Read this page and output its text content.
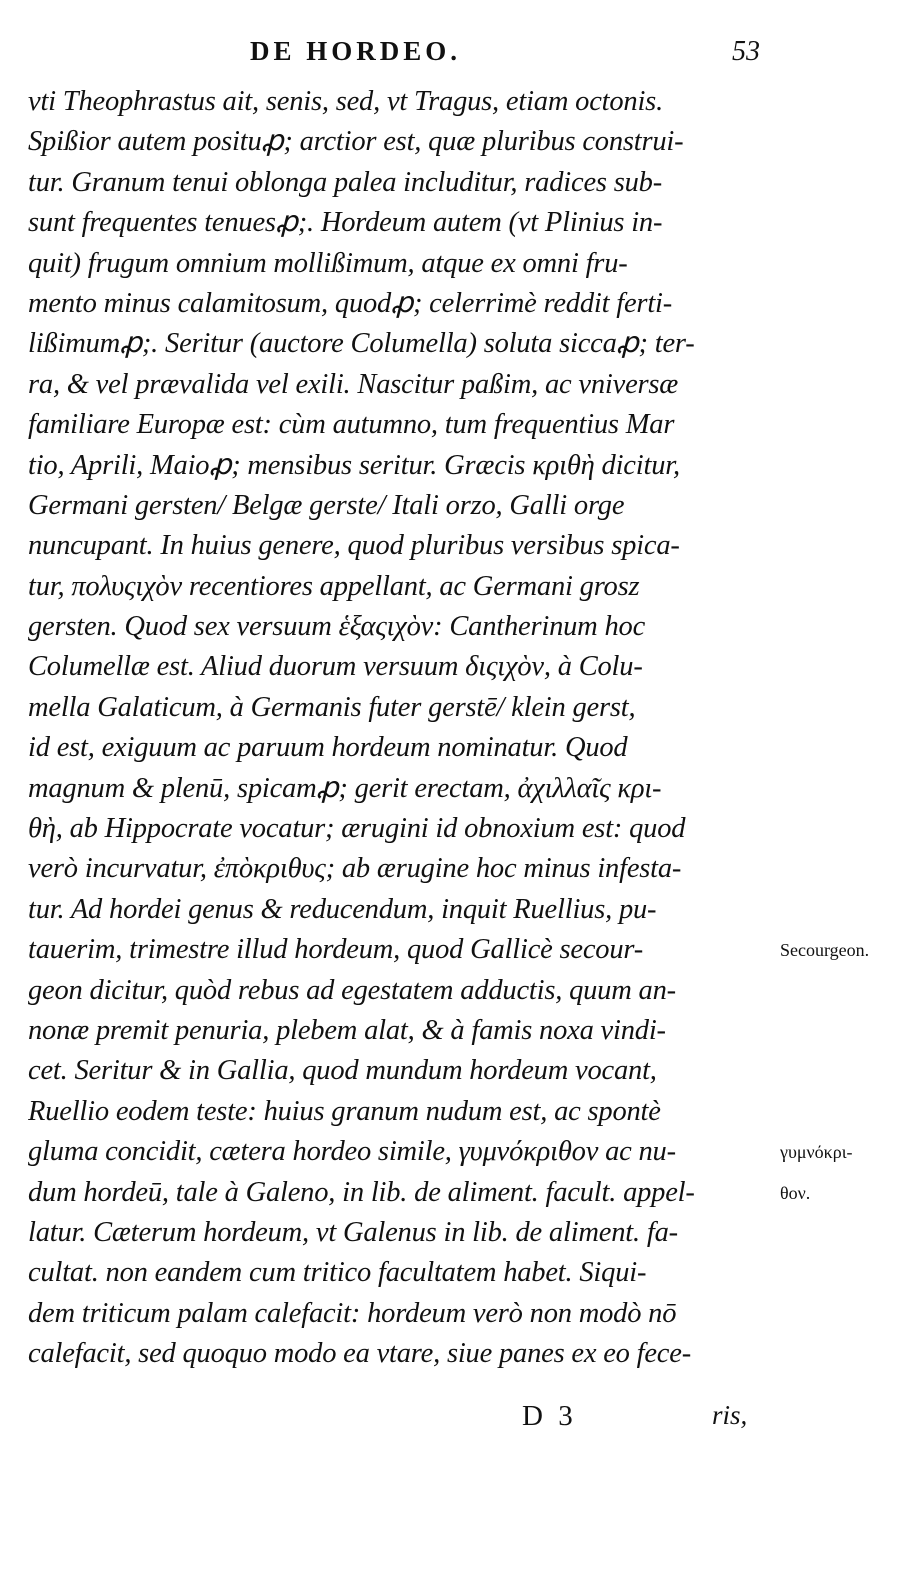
DE HORDEO.	53
vti Theophrastus ait, senis, sed, vt Tragus, etiam octonis.
Spißior autem posituꝓ; arctior est, quæ pluribus construi-
tur. Granum tenui oblonga palea includitur, radices sub-
sunt frequentes tenuesꝓ;. Hordeum autem (vt Plinius in-
quit) frugum omnium mollißimum, atque ex omni fru-
mento minus calamitosum, quodꝓ; celerrimè reddit ferti-
lißimumꝓ;. Seritur (auctore Columella) soluta siccaꝓ; ter-
ra, & vel prævalida vel exili. Nascitur paßim, ac vniversæ
familiare Europæ est: cùm autumno, tum frequentius Mar
tio, Aprili, Maioꝓ; mensibus seritur. Græcis κριθὴ dicitur,
Germani gersten/ Belgæ gerste/ Itali orzo, Galli orge
nuncupant. In huius genere, quod pluribus versibus spica-
tur, πολυςιχὸν recentiores appellant, ac Germani grosz
gersten. Quod sex versuum ἑξαςιχὸν: Cantherinum hoc
Columellæ est. Aliud duorum versuum διςιχὸν, à Colu-
mella Galaticum, à Germanis futer gerstē/ klein gerst,
id est, exiguum ac paruum hordeum nominatur. Quod
magnum & plenū, spicamꝓ; gerit erectam, ἀχιλλαῖς κρι-
θὴ, ab Hippocrate vocatur; ærugini id obnoxium est: quod
verò incurvatur, ἐπὸκριθυς; ab ærugine hoc minus infesta-
tur. Ad hordei genus & reducendum, inquit Ruellius, pu-
tauerim, trimestre illud hordeum, quod Gallicè secour-
geon dicitur, quòd rebus ad egestatem adductis, quum an-
nonæ premit penuria, plebem alat, & à famis noxa vindi-
cet. Seritur & in Gallia, quod mundum hordeum vocant,
Ruellio eodem teste: huius granum nudum est, ac spontè
gluma concidit, cætera hordeo simile, γυμνόκριθον ac nu-
dum hordeū, tale à Galeno, in lib. de aliment. facult. appel-
latur. Cæterum hordeum, vt Galenus in lib. de aliment. fa-
cultat. non eandem cum tritico facultatem habet. Siqui-
dem triticum palam calefacit: hordeum verò non modò nō
calefacit, sed quoquo modo ea vtare, siue panes ex eo fece-
Secourgeon.
γυμνόκρι-
θον.
D 3	ris,
